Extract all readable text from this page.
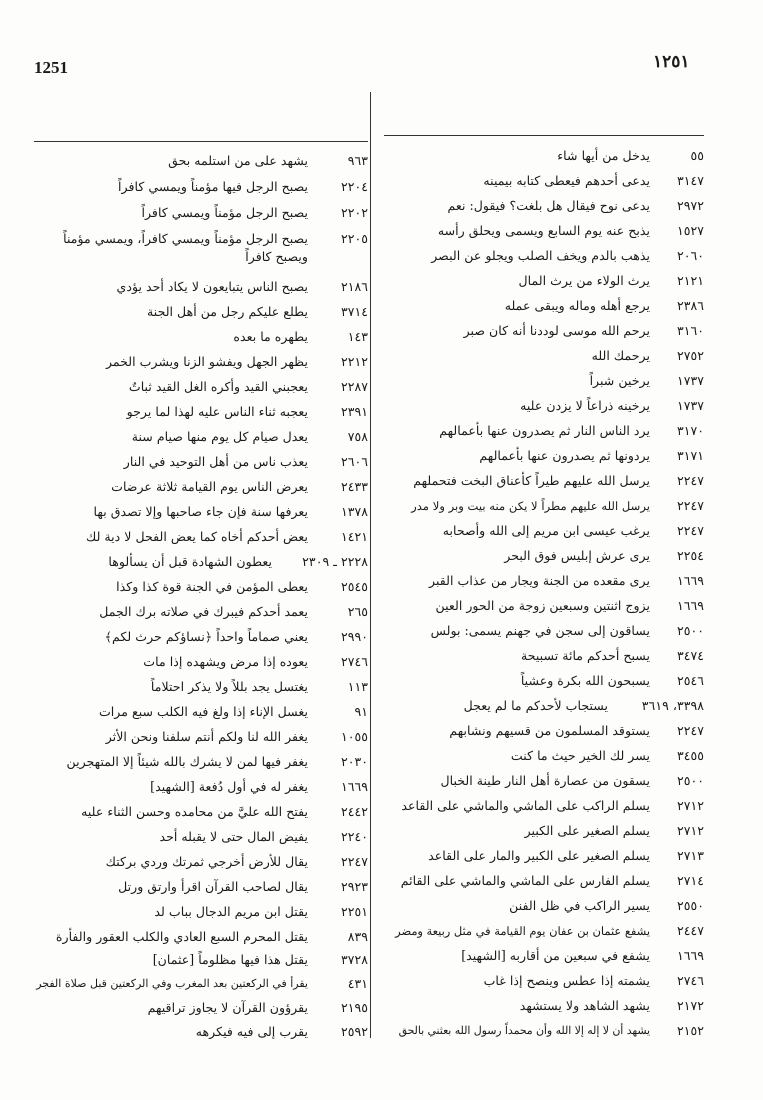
1251	١٢٥١
٩٦٣
يشهد على من استلمه بحق
٢٢٠٤
يصبح الرجل فيها مؤمناً ويمسي كافراً
٢٢٠٢
يصبح الرجل مؤمناً ويمسي كافراً
٢٢٠٥
يصبح الرجل مؤمناً ويمسي كافراً، ويمسي مؤمناً ويصبح كافراً
٢١٨٦
يصبح الناس يتبايعون لا يكاد أحد يؤدي
٣٧١٤
يطلع عليكم رجل من أهل الجنة
١٤٣
يطهره ما بعده
٢٢١٢
يظهر الجهل ويفشو الزنا ويشرب الخمر
٢٢٨٧
يعجبني القيد وأكره الغل القيد ثباتٌ
٢٣٩١
يعجبه ثناء الناس عليه لهذا لما يرجو
٧٥٨
يعدل صيام كل يوم منها صيام سنة
٢٦٠٦
يعذب ناس من أهل التوحيد في النار
٢٤٣٣
يعرض الناس يوم القيامة ثلاثة عرضات
١٣٧٨
يعرفها سنة فإن جاء صاحبها وإلا تصدق بها
١٤٢١
يعض أحدكم أخاه كما يعض الفحل لا دية لك
٢٢٢٨ ـ ٢٣٠٩
يعطون الشهادة قبل أن يسألوها
٢٥٤٥
يعطى المؤمن في الجنة قوة كذا وكذا
٢٦٥
يعمد أحدكم فيبرك في صلاته برك الجمل
٢٩٩٠
يعني صماماً واحداً ﴿نساؤكم حرث لكم﴾
٢٧٤٦
يعوده إذا مرض ويشهده إذا مات
١١٣
يغتسل يجد بللاً ولا يذكر احتلاماً
٩١
يغسل الإناء إذا ولغ فيه الكلب سبع مرات
١٠٥٥
يغفر الله لنا ولكم أنتم سلفنا ونحن الأثر
٢٠٣٠
يغفر فيها لمن لا يشرك بالله شيئاً إلا المتهجرين
١٦٦٩
يغفر له في أول دُفعة [الشهيد]
٢٤٤٢
يفتح الله عليَّ من محامده وحسن الثناء عليه
٢٢٤٠
يفيض المال حتى لا يقبله أحد
٢٢٤٧
يقال للأرض أخرجي ثمرتك وردي بركتك
٢٩٢٣
يقال لصاحب القرآن اقرأ وارتق ورتل
٢٢٥١
يقتل ابن مريم الدجال بباب لد
٨٣٩
يقتل المحرم السبع العادي والكلب العقور والفأرة
٣٧٢٨
يقتل هذا فيها مظلوماً [عثمان]
٤٣١
يقرأ في الركعتين بعد المغرب وفي الركعتين قبل صلاة الفجر
٢١٩٥
يقرؤون القرآن لا يجاوز تراقيهم
٢٥٩٢
يقرب إلى فيه فيكرهه
٥٥
يدخل من أيها شاء
٣١٤٧
يدعى أحدهم فيعطى كتابه بيمينه
٢٩٧٢
يدعى نوح فيقال هل بلغت؟ فيقول: نعم
١٥٢٧
يذبح عنه يوم السابع ويسمى ويحلق رأسه
٢٠٦٠
يذهب بالدم ويخف الصلب ويجلو عن البصر
٢١٢١
يرث الولاء من يرث المال
٢٣٨٦
يرجع أهله وماله ويبقى عمله
٣١٦٠
يرحم الله موسى لوددنا أنه كان صبر
٢٧٥٢
يرحمك الله
١٧٣٧
يرخين شبراً
١٧٣٧
يرخينه ذراعاً لا يزدن عليه
٣١٧٠
يرد الناس النار ثم يصدرون عنها بأعمالهم
٣١٧١
يردونها ثم يصدرون عنها بأعمالهم
٢٢٤٧
يرسل الله عليهم طيراً كأعناق البخت فتحملهم
٢٢٤٧
يرسل الله عليهم مطراً لا يكن منه بيت وبر ولا مدر
٢٢٤٧
يرغب عيسى ابن مريم إلى الله وأصحابه
٢٢٥٤
يرى عرش إبليس فوق البحر
١٦٦٩
يرى مقعده من الجنة ويجار من عذاب القبر
١٦٦٩
يزوج اثنتين وسبعين زوجة من الحور العين
٢٥٠٠
يساقون إلى سجن في جهنم يسمى: بولس
٣٤٧٤
يسبح أحدكم مائة تسبيحة
٢٥٤٦
يسبحون الله بكرة وعشياً
٣٣٩٨، ٣٦١٩
يستجاب لأحدكم ما لم يعجل
٢٢٤٧
يستوقد المسلمون من قسيهم ونشابهم
٣٤٥٥
يسر لك الخير حيث ما كنت
٢٥٠٠
يسقون من عصارة أهل النار طينة الخبال
٢٧١٢
يسلم الراكب على الماشي والماشي على القاعد
٢٧١٢
يسلم الصغير على الكبير
٢٧١٣
يسلم الصغير على الكبير والمار على القاعد
٢٧١٤
يسلم الفارس على الماشي والماشي على القائم
٢٥٥٠
يسير الراكب في ظل الفنن
٢٤٤٧
يشفع عثمان بن عفان يوم القيامة في مثل ربيعة ومضر
١٦٦٩
يشفع في سبعين من أقاربه [الشهيد]
٢٧٤٦
يشمته إذا عطس وينصح إذا غاب
٢١٧٢
يشهد الشاهد ولا يستشهد
٢١٥٢
يشهد أن لا إله إلا الله وأن محمداً رسول الله بعثني بالحق
